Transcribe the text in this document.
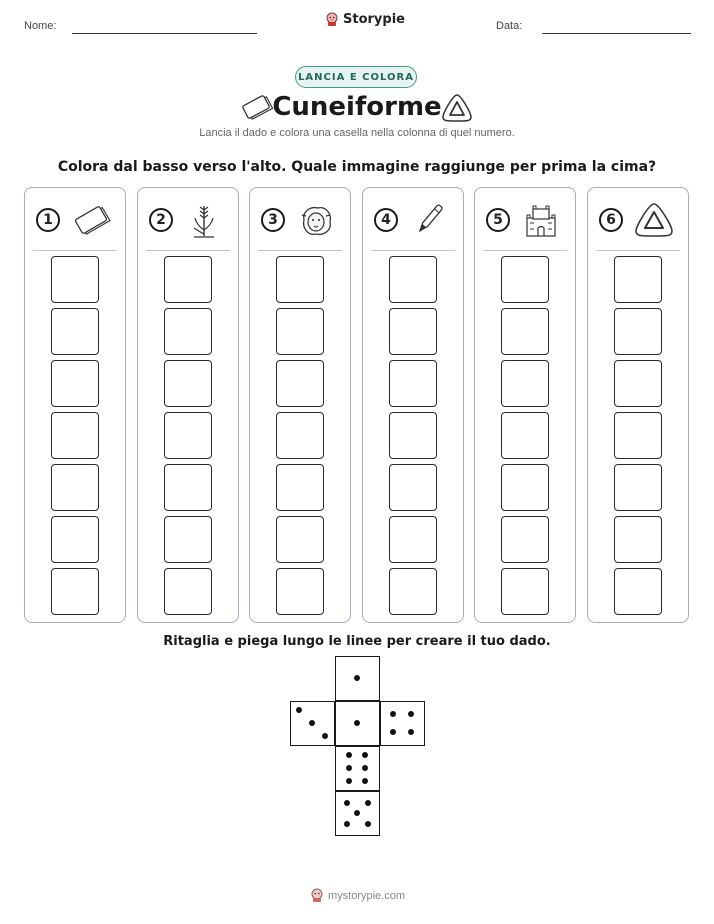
Nome:	Storypie	Data:
LANCIA E COLORA
Cuneiforme
Lancia il dado e colora una casella nella colonna di quel numero.
Colora dal basso verso l'alto. Quale immagine raggiunge per prima la cima?
1	2	3	4	5	6
Ritaglia e piega lungo le linee per creare il tuo dado.
mystorypie.com
